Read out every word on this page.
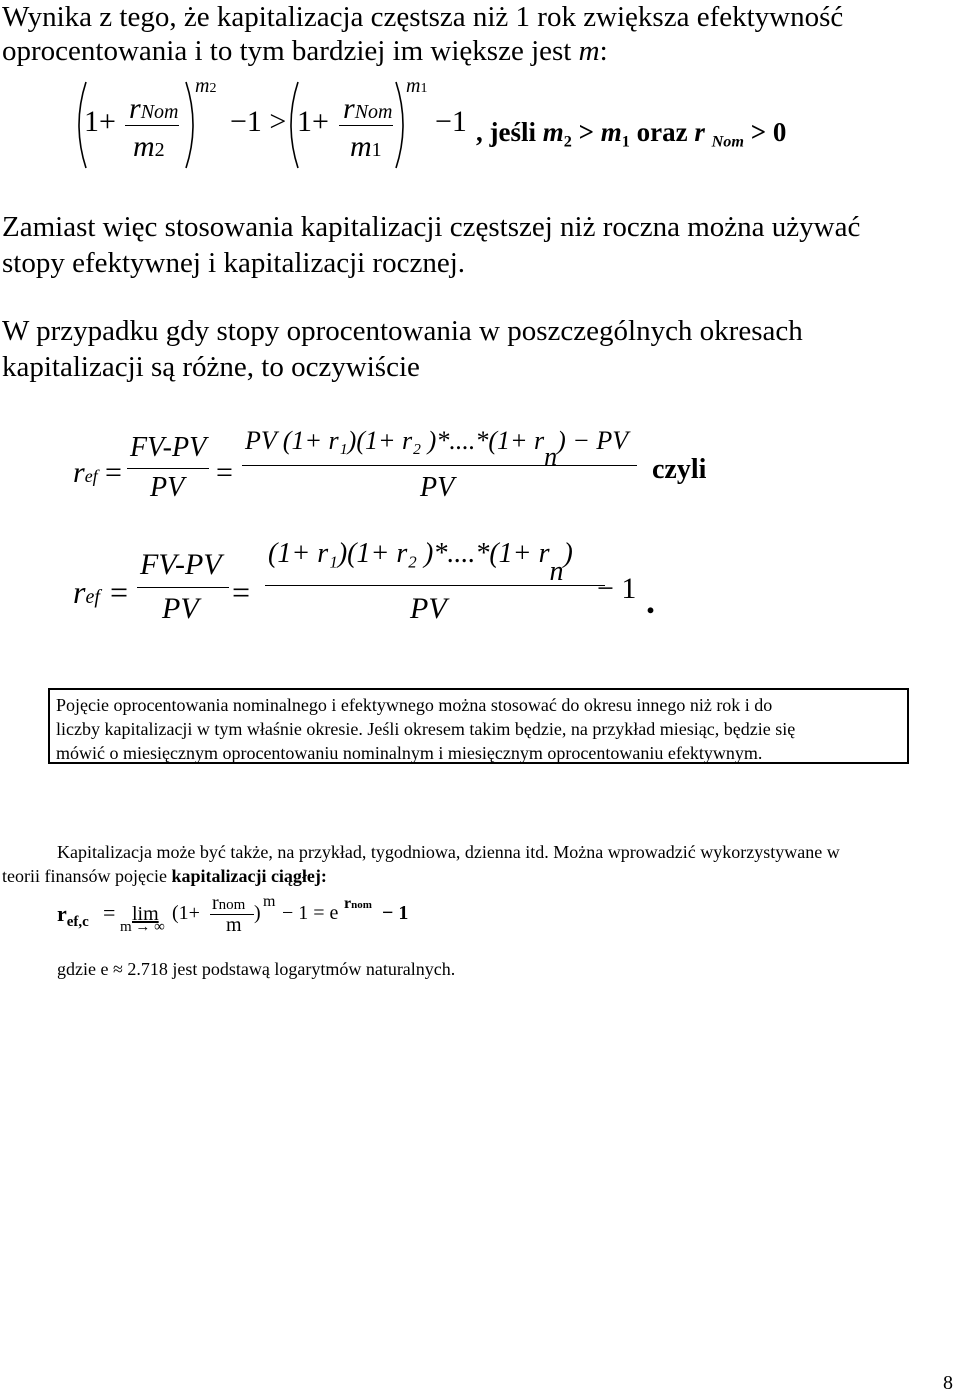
Wynika z tego, że kapitalizacja częstsza niż 1 rok zwiększa efektywność
oprocentowania i to tym bardziej im większe jest m:
1+ rNom
m2
m2
−1 > 1+ rNom
m1
m1
−1 , jeśli $m_2 > m_1$ oraz r $_{Nom}$ > 0
Zamiast więc stosowania kapitalizacji częstszej niż roczna można używać
stopy efektywnej i kapitalizacji rocznej.
W przypadku gdy stopy oprocentowania w poszczególnych okresach
kapitalizacji są różne, to oczywiście
ref =
FV-PV
PV =
PV (1+ r₁)(1+ r₂ )*....*(1+ rn) − PV
PV
czyli
ref =
FV-PV
PV =
(1+ r₁)(1+ r₂ )*....*(1+ rn)
PV
− 1 .
Pojęcie oprocentowania nominalnego i efektywnego można stosować do okresu innego niż rok i do
liczby kapitalizacji w tym właśnie okresie. Jeśli okresem takim będzie, na przykład miesiąc, będzie się
mówić o miesięcznym oprocentowaniu nominalnym i miesięcznym oprocentowaniu efektywnym.
Kapitalizacja może być także, na przykład, tygodniowa, dzienna itd. Można wprowadzić wykorzystywane w
teorii finansów pojęcie kapitalizacji ciągłej:
$r_{ef,c} = \lim$
m → ∞
(1+ rnom
m
)
m
− 1 = e rnom − 1
gdzie e ≈ 2.718 jest podstawą logarytmów naturalnych.
8
